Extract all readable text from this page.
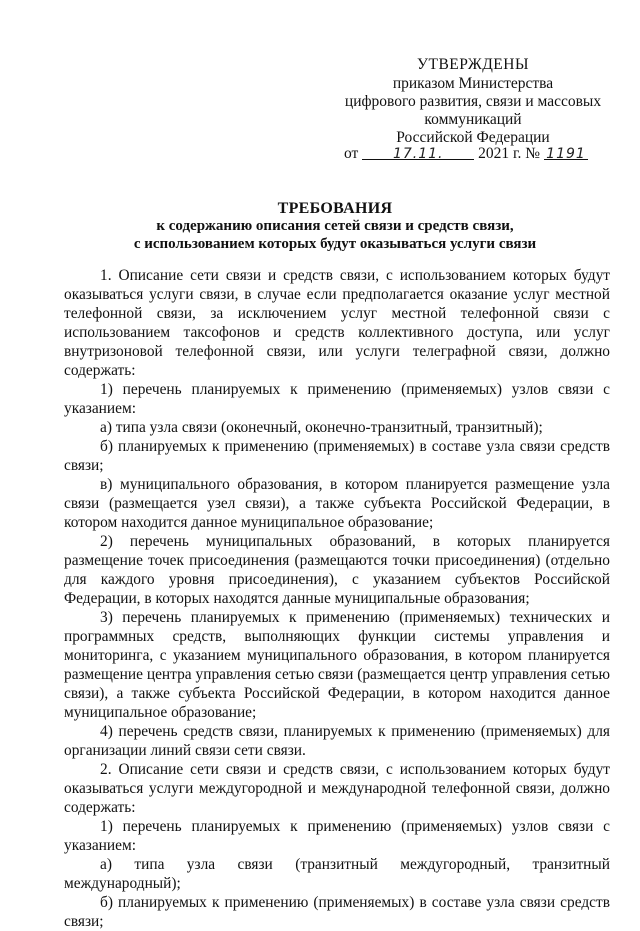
УТВЕРЖДЕНЫ
приказом Министерства
цифрового развития, связи и массовых
коммуникаций
Российской Федерации
от 17.11. 2021 г. № 1191
ТРЕБОВАНИЯ
к содержанию описания сетей связи и средств связи,
с использованием которых будут оказываться услуги связи

1. Описание сети связи и средств связи, с использованием которых будут оказываться услуги связи, в случае если предполагается оказание услуг местной телефонной связи, за исключением услуг местной телефонной связи с использованием таксофонов и средств коллективного доступа, или услуг внутризоновой телефонной связи, или услуги телеграфной связи, должно содержать:

1) перечень планируемых к применению (применяемых) узлов связи с указанием:

а) типа узла связи (оконечный, оконечно-транзитный, транзитный);

б) планируемых к применению (применяемых) в составе узла связи средств связи;

в) муниципального образования, в котором планируется размещение узла связи (размещается узел связи), а также субъекта Российской Федерации, в котором находится данное муниципальное образование;

2) перечень муниципальных образований, в которых планируется размещение точек присоединения (размещаются точки присоединения) (отдельно для каждого уровня присоединения), с указанием субъектов Российской Федерации, в которых находятся данные муниципальные образования;

3) перечень планируемых к применению (применяемых) технических и программных средств, выполняющих функции системы управления и мониторинга, с указанием муниципального образования, в котором планируется размещение центра управления сетью связи (размещается центр управления сетью связи), а также субъекта Российской Федерации, в котором находится данное муниципальное образование;

4) перечень средств связи, планируемых к применению (применяемых) для организации линий связи сети связи.

2. Описание сети связи и средств связи, с использованием которых будут оказываться услуги междугородной и международной телефонной связи, должно содержать:

1) перечень планируемых к применению (применяемых) узлов связи с указанием:

а) типа узла связи (транзитный междугородный, транзитный международный);

б) планируемых к применению (применяемых) в составе узла связи средств связи;
